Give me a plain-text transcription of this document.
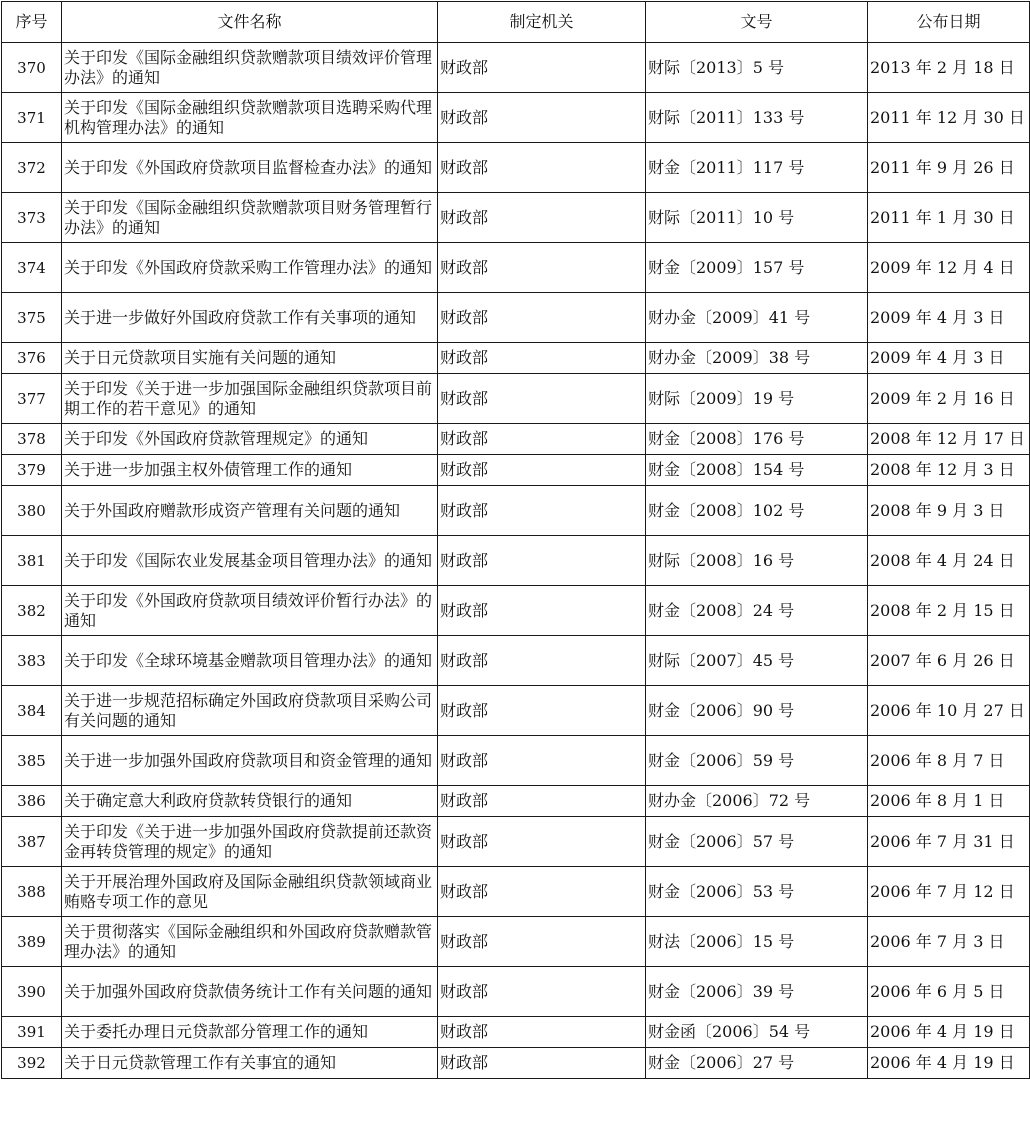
序号	文件名称	制定机关	文号	公布日期
370	关于印发《国际金融组织贷款赠款项目绩效评价管理办法》的通知	财政部	财际〔2013〕5 号	2013 年 2 月 18 日
371	关于印发《国际金融组织贷款赠款项目选聘采购代理机构管理办法》的通知	财政部	财际〔2011〕133 号	2011 年 12 月 30 日
372	关于印发《外国政府贷款项目监督检查办法》的通知	财政部	财金〔2011〕117 号	2011 年 9 月 26 日
373	关于印发《国际金融组织贷款赠款项目财务管理暂行办法》的通知	财政部	财际〔2011〕10 号	2011 年 1 月 30 日
374	关于印发《外国政府贷款采购工作管理办法》的通知	财政部	财金〔2009〕157 号	2009 年 12 月 4 日
375	关于进一步做好外国政府贷款工作有关事项的通知	财政部	财办金〔2009〕41 号	2009 年 4 月 3 日
376	关于日元贷款项目实施有关问题的通知	财政部	财办金〔2009〕38 号	2009 年 4 月 3 日
377	关于印发《关于进一步加强国际金融组织贷款项目前期工作的若干意见》的通知	财政部	财际〔2009〕19 号	2009 年 2 月 16 日
378	关于印发《外国政府贷款管理规定》的通知	财政部	财金〔2008〕176 号	2008 年 12 月 17 日
379	关于进一步加强主权外债管理工作的通知	财政部	财金〔2008〕154 号	2008 年 12 月 3 日
380	关于外国政府赠款形成资产管理有关问题的通知	财政部	财金〔2008〕102 号	2008 年 9 月 3 日
381	关于印发《国际农业发展基金项目管理办法》的通知	财政部	财际〔2008〕16 号	2008 年 4 月 24 日
382	关于印发《外国政府贷款项目绩效评价暂行办法》的通知	财政部	财金〔2008〕24 号	2008 年 2 月 15 日
383	关于印发《全球环境基金赠款项目管理办法》的通知	财政部	财际〔2007〕45 号	2007 年 6 月 26 日
384	关于进一步规范招标确定外国政府贷款项目采购公司有关问题的通知	财政部	财金〔2006〕90 号	2006 年 10 月 27 日
385	关于进一步加强外国政府贷款项目和资金管理的通知	财政部	财金〔2006〕59 号	2006 年 8 月 7 日
386	关于确定意大利政府贷款转贷银行的通知	财政部	财办金〔2006〕72 号	2006 年 8 月 1 日
387	关于印发《关于进一步加强外国政府贷款提前还款资金再转贷管理的规定》的通知	财政部	财金〔2006〕57 号	2006 年 7 月 31 日
388	关于开展治理外国政府及国际金融组织贷款领域商业贿赂专项工作的意见	财政部	财金〔2006〕53 号	2006 年 7 月 12 日
389	关于贯彻落实《国际金融组织和外国政府贷款赠款管理办法》的通知	财政部	财法〔2006〕15 号	2006 年 7 月 3 日
390	关于加强外国政府贷款债务统计工作有关问题的通知	财政部	财金〔2006〕39 号	2006 年 6 月 5 日
391	关于委托办理日元贷款部分管理工作的通知	财政部	财金函〔2006〕54 号	2006 年 4 月 19 日
392	关于日元贷款管理工作有关事宜的通知	财政部	财金〔2006〕27 号	2006 年 4 月 19 日
